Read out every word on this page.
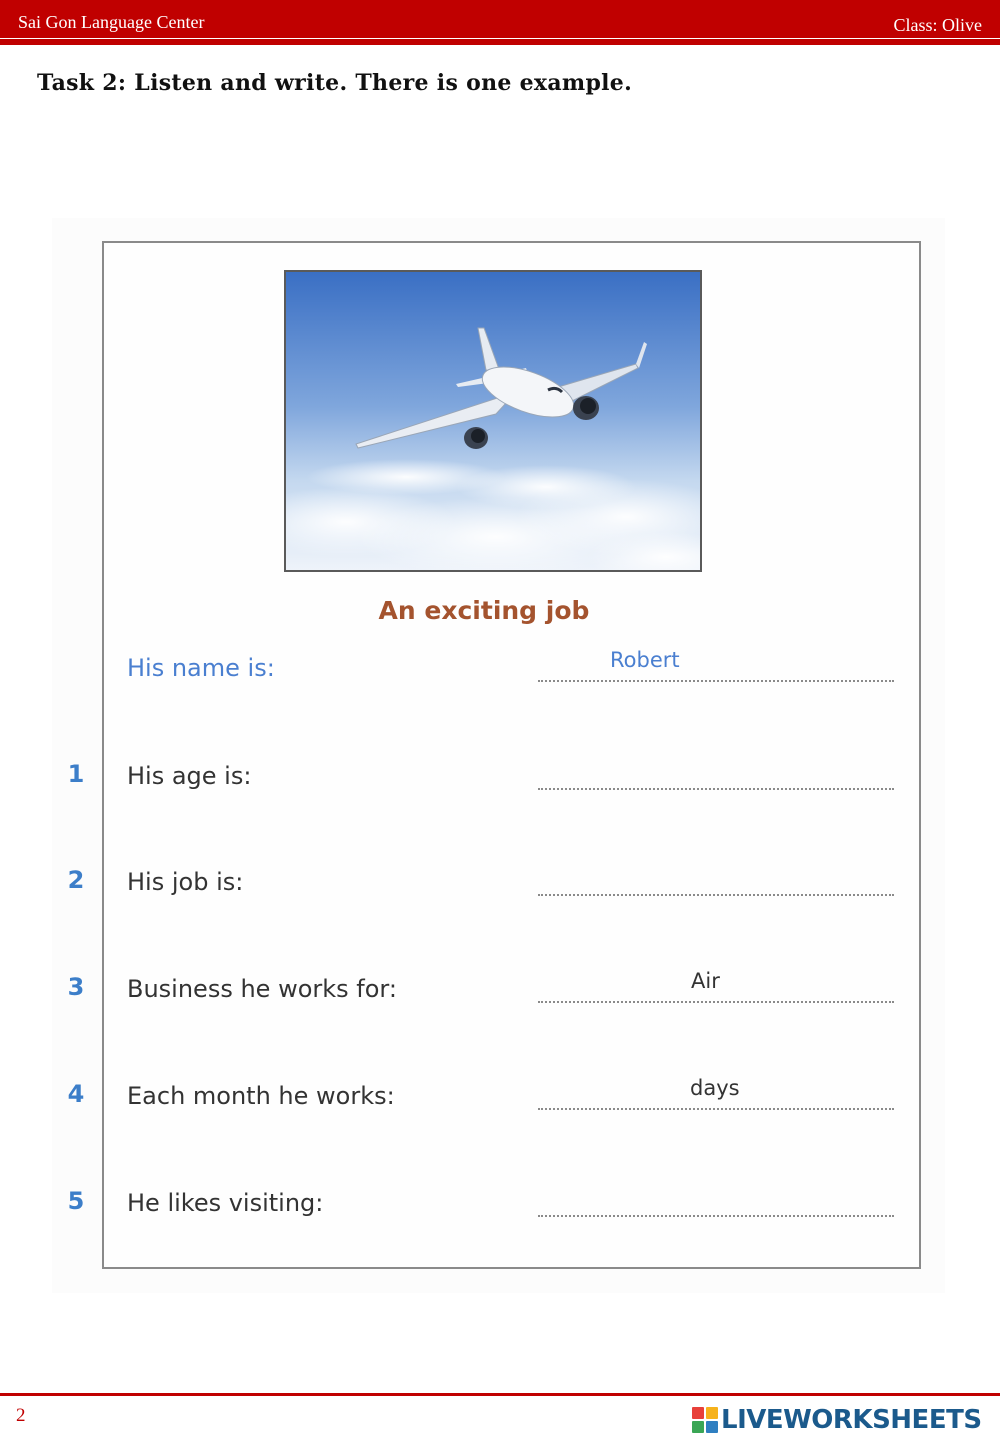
Sai Gon Language Center	Class: Olive
Task 2: Listen and write. There is one example.
An exciting job
His name is:	Robert
1 His age is:
2 His job is:
3 Business he works for:	Air
4 Each month he works:	days
5 He likes visiting:
2	LIVEWORKSHEETS
